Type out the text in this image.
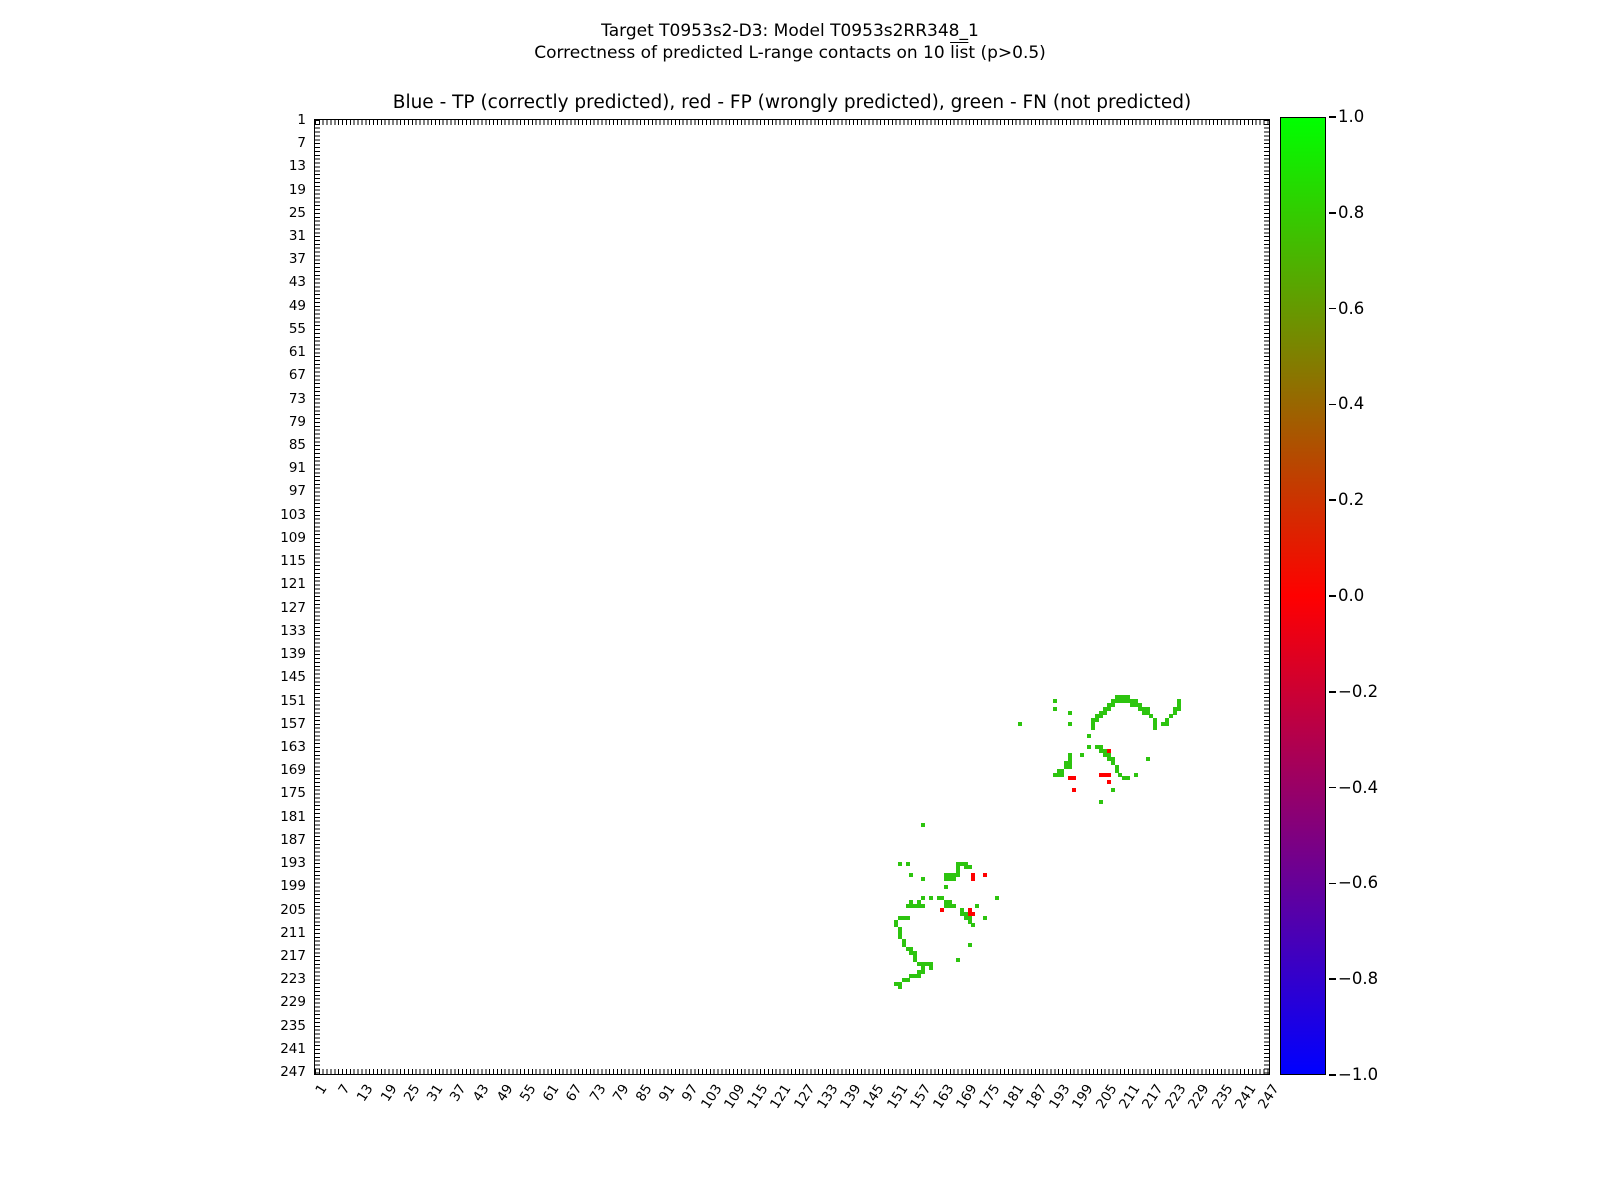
Target T0953s2-D3: Model T0953s2RR348_1
Correctness of predicted L-range contacts on 10 $\overline{lis}t$ (p>0.5)
Blue - TP (correctly predicted), red - FP (wrongly predicted), green - FN (not predicted)
1
7
13
19
25
31
37
43
49
55
61
67
73
79
85
91
97
103
109
115
121
127
133
139
145
151
157
163
169
175
181
187
193
199
205
211
217
223
229
235
241
247
1 7 13 19 25 31 37 43 49 55 61 67 73 79 85 91 97
103
109
115
121
127
133
139
145
151
157
163
169
175
181
187
193
199
205
211
217
223
229
235
241
247
1.0
0.8
0.6
0.4
0.2
0.0
−0.2
−0.4
−0.6
−0.8
−1.0
